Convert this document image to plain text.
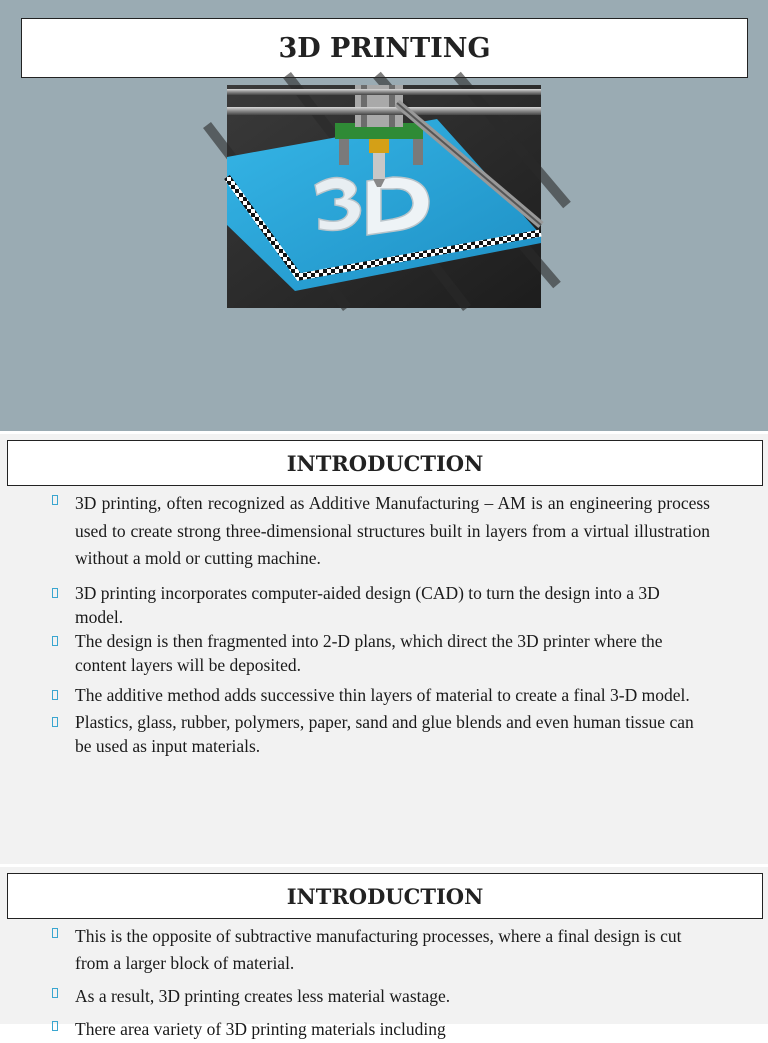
3D PRINTING
INTRODUCTION
3D printing, often recognized as Additive Manufacturing – AM is an engineering process used to create strong three-dimensional structures built in layers from a virtual illustration without a mold or cutting machine.
3D printing incorporates computer-aided design (CAD) to turn the design into a 3D
model.
The design is then fragmented into 2-D plans, which direct the 3D printer where the
content layers will be deposited.
The additive method adds successive thin layers of material to create a final 3-D model.
Plastics, glass, rubber, polymers, paper, sand and glue blends and even human tissue can
be used as input materials.
INTRODUCTION
This is the opposite of subtractive manufacturing processes, where a final design is cut from a larger block of material.
As a result, 3D printing creates less material wastage.
There area variety of 3D printing materials including
